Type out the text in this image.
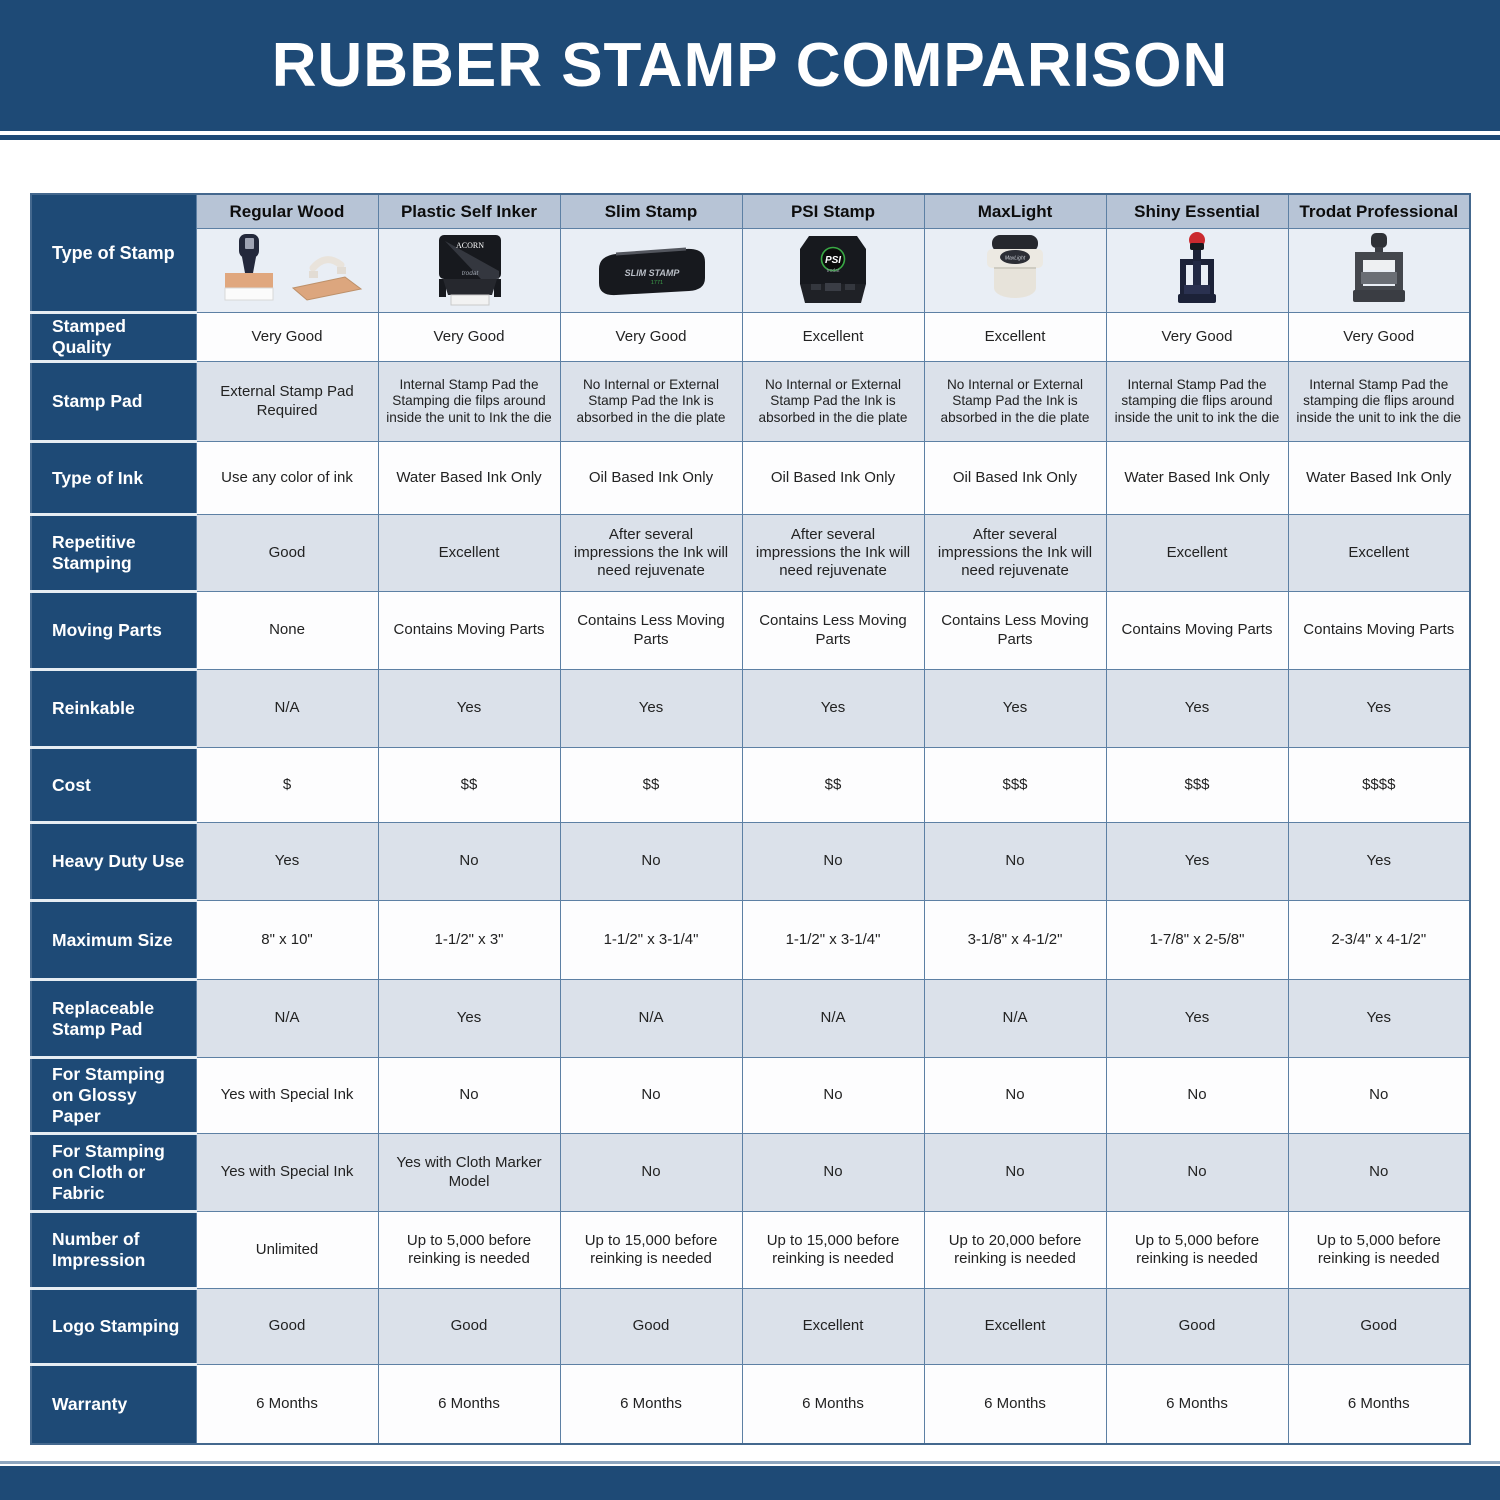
RUBBER STAMP COMPARISON
Type of Stamp	Regular Wood	Plastic Self Inker	Slim Stamp	PSI Stamp	MaxLight	Shiny Essential	Trodat Professional

ACORN
trodat	SLIM STAMP
1771	PSI
trodat	MaxLight

Stamped Quality	Very Good	Very Good	Very Good	Excellent	Excellent	Very Good	Very Good
Stamp Pad	External Stamp Pad Required	Internal Stamp Pad the Stamping die filps around inside the unit to Ink the die	No Internal or External Stamp Pad the Ink is absorbed in the die plate	No Internal or External Stamp Pad the Ink is absorbed in the die plate	No Internal or External Stamp Pad the Ink is absorbed in the die plate	Internal Stamp Pad the stamping die flips around inside the unit to ink the die	Internal Stamp Pad the stamping die flips around inside the unit to ink the die
Type of Ink	Use any color of ink	Water Based Ink Only	Oil Based Ink Only	Oil Based Ink Only	Oil Based Ink Only	Water Based Ink Only	Water Based Ink Only
Repetitive Stamping	Good	Excellent	After several impressions the Ink will need rejuvenate	After several impressions the Ink will need rejuvenate	After several impressions the Ink will need rejuvenate	Excellent	Excellent
Moving Parts	None	Contains Moving Parts	Contains Less Moving Parts	Contains Less Moving Parts	Contains Less Moving Parts	Contains Moving Parts	Contains Moving Parts
Reinkable	N/A	Yes	Yes	Yes	Yes	Yes	Yes
Cost	$	$$	$$	$$	$$$	$$$	$$$$
Heavy Duty Use	Yes	No	No	No	No	Yes	Yes
Maximum Size	8" x 10"	1-1/2" x 3"	1-1/2" x 3-1/4"	1-1/2" x 3-1/4"	3-1/8" x 4-1/2"	1-7/8" x 2-5/8"	2-3/4" x 4-1/2"
Replaceable Stamp Pad	N/A	Yes	N/A	N/A	N/A	Yes	Yes
For Stamping on Glossy Paper	Yes with Special Ink	No	No	No	No	No	No
For Stamping on Cloth or Fabric	Yes with Special Ink	Yes with Cloth Marker Model	No	No	No	No	No
Number of Impression	Unlimited	Up to 5,000 before reinking is needed	Up to 15,000 before reinking is needed	Up to 15,000 before reinking is needed	Up to 20,000 before reinking is needed	Up to 5,000 before reinking is needed	Up to 5,000 before reinking is needed
Logo Stamping	Good	Good	Good	Excellent	Excellent	Good	Good
Warranty	6 Months	6 Months	6 Months	6 Months	6 Months	6 Months	6 Months
